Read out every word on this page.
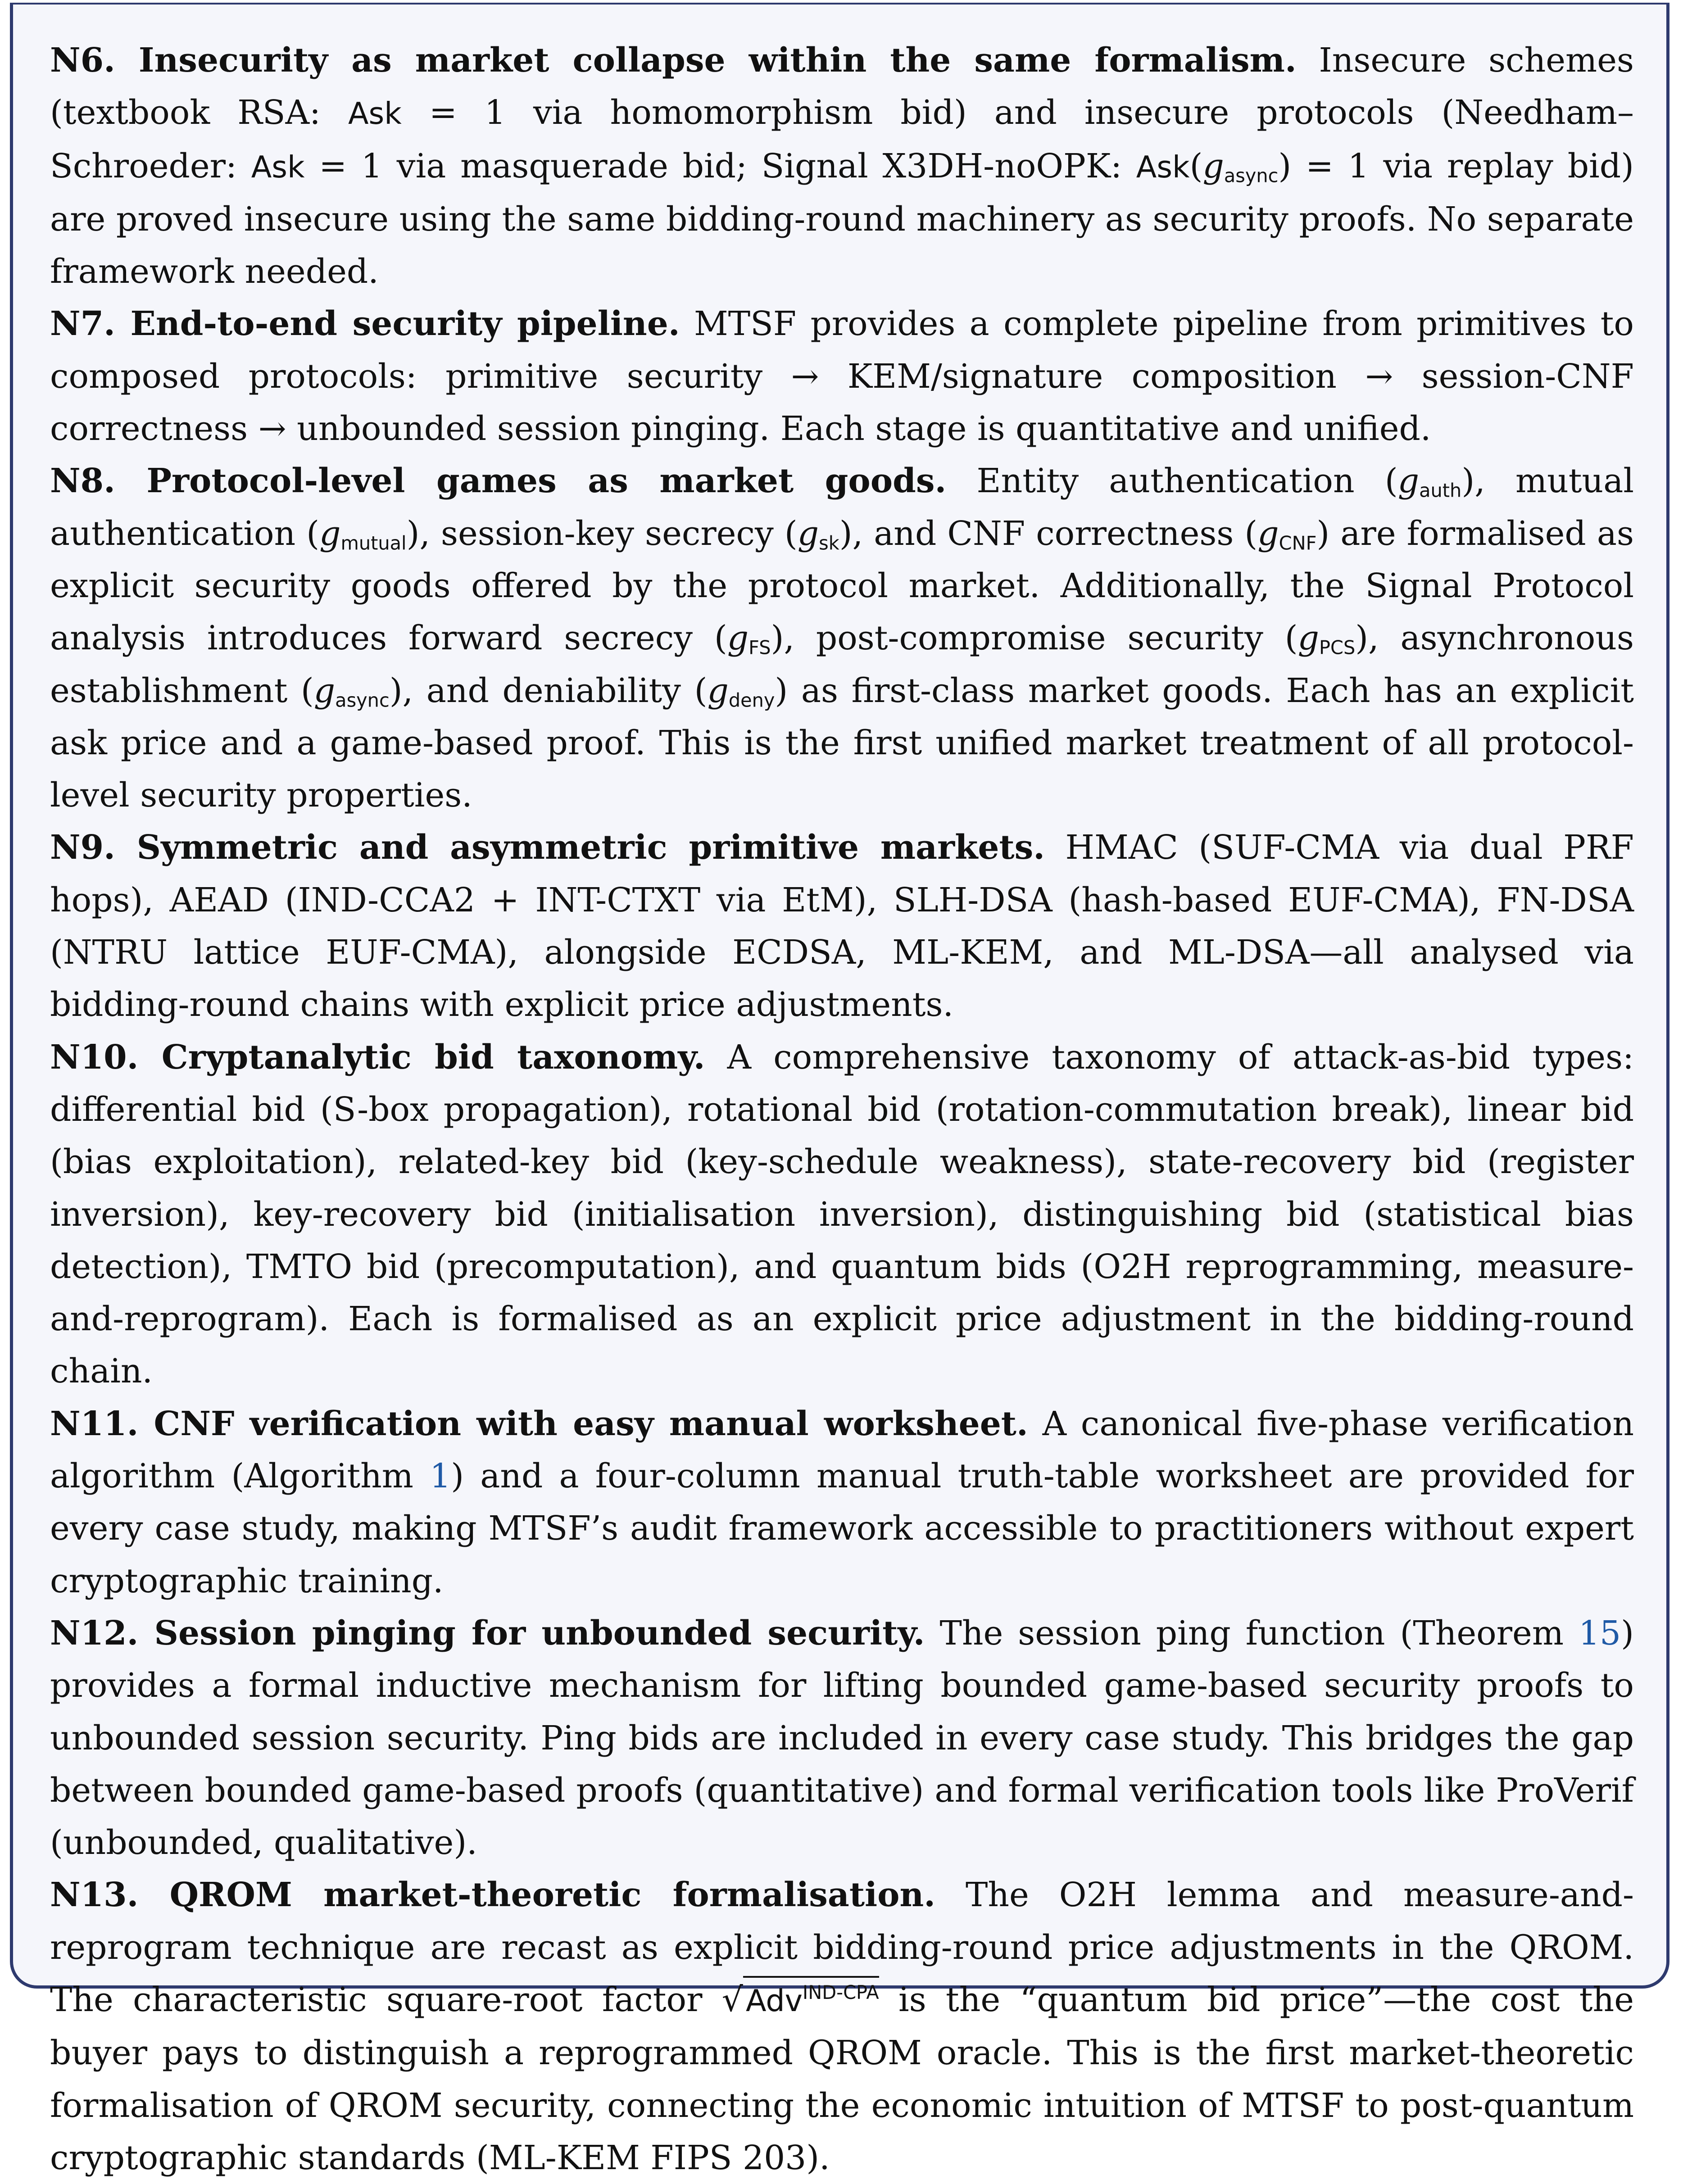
N6. Insecurity as market collapse within the same formalism. Insecure schemes (textbook RSA: Ask = 1 via homomorphism bid) and insecure protocols (Needham–Schroeder: Ask = 1 via masquerade bid; Signal X3DH-noOPK: $Ask(g_{async}) = 1$ via replay bid) are proved insecure using the same bidding-round machinery as security proofs. No separate framework needed.

N7. End-to-end security pipeline. MTSF provides a complete pipeline from primitives to composed protocols: primitive security → KEM/signature composition → session-CNF correctness → unbounded session pinging. Each stage is quantitative and unified.

N8. Protocol-level games as market goods. Entity authentication $(g_{auth})$, mutual authentication $(g_{mutual})$, session-key secrecy $(g_{sk})$, and CNF correctness $(g_{CNF})$ are formalised as explicit security goods offered by the protocol market. Additionally, the Signal Protocol analysis introduces forward secrecy $(g_{FS})$, post-compromise security $(g_{PCS})$, asynchronous establishment $(g_{async})$, and deniability $(g_{deny})$ as first-class market goods. Each has an explicit ask price and a game-based proof. This is the first unified market treatment of all protocol-level security properties.

N9. Symmetric and asymmetric primitive markets. HMAC (SUF-CMA via dual PRF hops), AEAD (IND-CCA2 + INT-CTXT via EtM), SLH-DSA (hash-based EUF-CMA), FN-DSA (NTRU lattice EUF-CMA), alongside ECDSA, ML-KEM, and ML-DSA—all analysed via bidding-round chains with explicit price adjustments.

N10. Cryptanalytic bid taxonomy. A comprehensive taxonomy of attack-as-bid types: differential bid (S-box propagation), rotational bid (rotation-commutation break), linear bid (bias exploitation), related-key bid (key-schedule weakness), state-recovery bid (register inversion), key-recovery bid (initialisation inversion), distinguishing bid (statistical bias detection), TMTO bid (precomputation), and quantum bids (O2H reprogramming, measure-and-reprogram). Each is formalised as an explicit price adjustment in the bidding-round chain.

N11. CNF verification with easy manual worksheet. A canonical five-phase verification algorithm (Algorithm 1) and a four-column manual truth-table worksheet are provided for every case study, making MTSF’s audit framework accessible to practitioners without expert cryptographic training.

N12. Session pinging for unbounded security. The session ping function (Theorem 15) provides a formal inductive mechanism for lifting bounded game-based security proofs to unbounded session security. Ping bids are included in every case study. This bridges the gap between bounded game-based proofs (quantitative) and formal verification tools like ProVerif (unbounded, qualitative).

N13. QROM market-theoretic formalisation. The O2H lemma and measure-and-reprogram technique are recast as explicit bidding-round price adjustments in the QROM. The characteristic square-root factor √Adv$^{IND-CPA}$ is the “quantum bid price”—the cost the buyer pays to distinguish a reprogrammed QROM oracle. This is the first market-theoretic formalisation of QROM security, connecting the economic intuition of MTSF to post-quantum cryptographic standards (ML-KEM FIPS 203).
